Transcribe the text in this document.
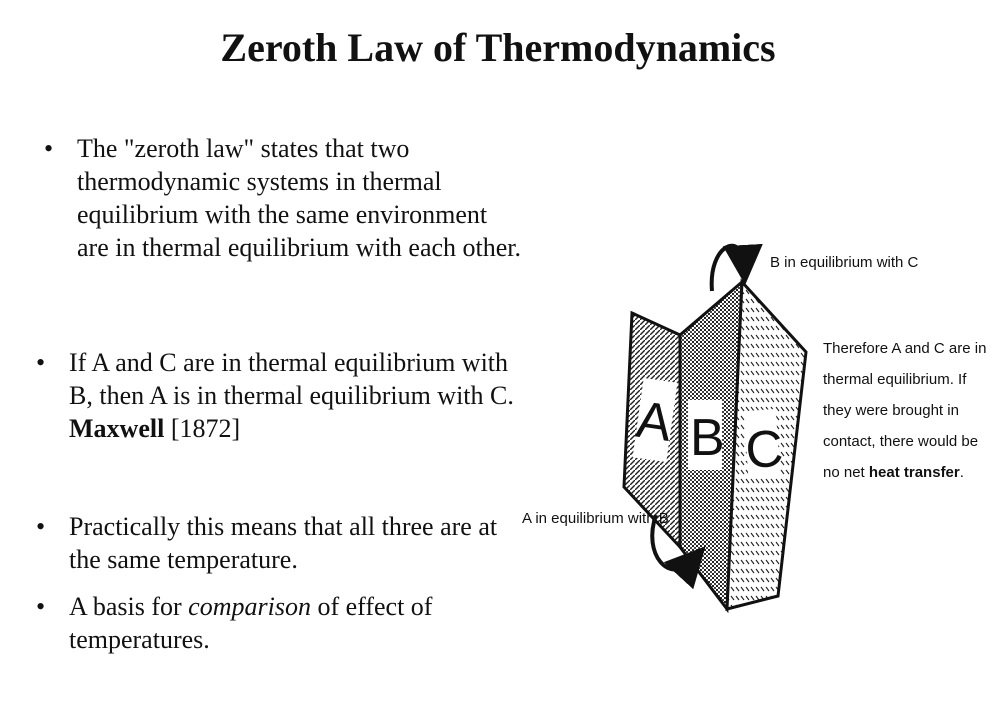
Zeroth Law of Thermodynamics
• The "zeroth law" states that two thermodynamic systems in thermal equilibrium with the same environment are in thermal equilibrium with each other.
• If A and C are in thermal equilibrium with B, then A is in thermal equilibrium with C.
Maxwell [1872]
• Practically this means that all three are at the same temperature.
• A basis for comparison of effect of temperatures.
A B C
B in equilibrium with C
A in equilibrium with B
Therefore A and C are in
thermal equilibrium. If
they were brought in
contact, there would be
no net heat transfer.
